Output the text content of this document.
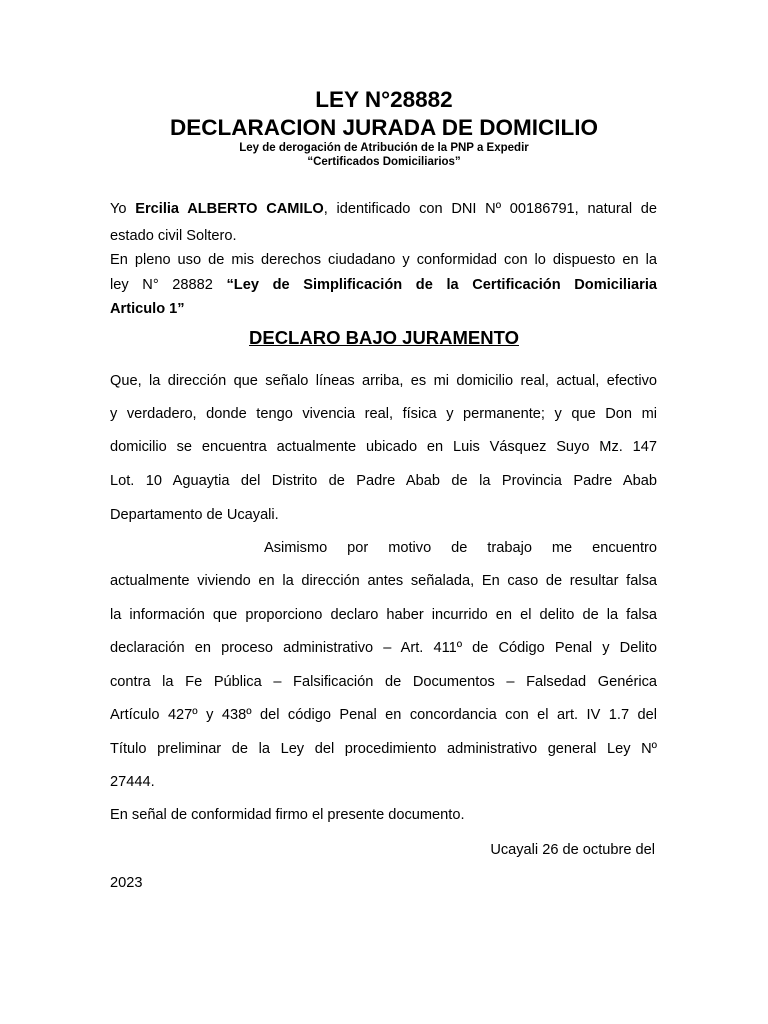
LEY N°28882
DECLARACION JURADA DE DOMICILIO
Ley de derogación de Atribución de la PNP a Expedir
“Certificados Domiciliarios”
Yo Ercilia ALBERTO CAMILO, identificado con DNI Nº 00186791, natural de
estado civil Soltero.
En pleno uso de mis derechos ciudadano y conformidad con lo dispuesto en la
ley N° 28882 “Ley de Simplificación de la Certificación Domiciliaria
Articulo 1”
DECLARO BAJO JURAMENTO
Que, la dirección que señalo líneas arriba, es mi domicilio real, actual, efectivo
y verdadero, donde tengo vivencia real, física y permanente; y que Don mi
domicilio se encuentra actualmente ubicado en Luis Vásquez Suyo Mz. 147
Lot. 10 Aguaytia del Distrito de Padre Abab de la Provincia Padre Abab
Departamento de Ucayali.
Asimismo por motivo de trabajo me encuentro
actualmente viviendo en la dirección antes señalada, En caso de resultar falsa
la información que proporciono declaro haber incurrido en el delito de la falsa
declaración en proceso administrativo – Art. 411º de Código Penal y Delito
contra la Fe Pública – Falsificación de Documentos – Falsedad Genérica
Artículo 427º y 438º del código Penal en concordancia con el art. IV 1.7 del
Título preliminar de la Ley del procedimiento administrativo general Ley Nº
27444.
En señal de conformidad firmo el presente documento.
Ucayali 26 de octubre del
2023
